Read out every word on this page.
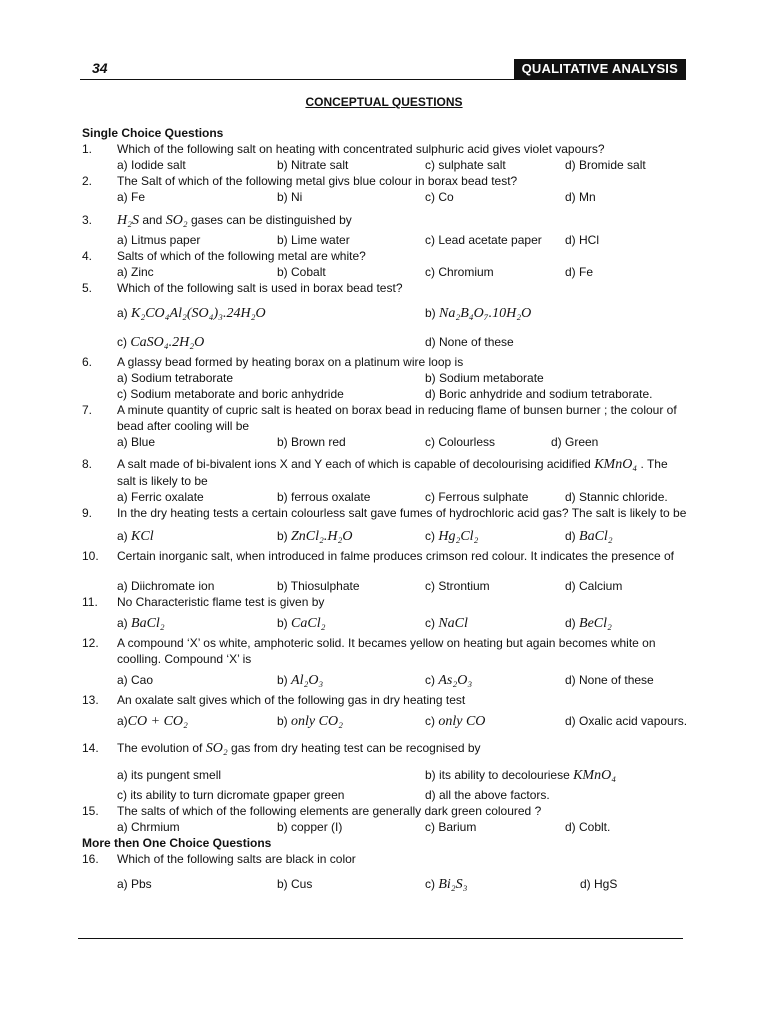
34	QUALITATIVE ANALYSIS
CONCEPTUAL QUESTIONS
Single Choice Questions
1.	Which of the following salt on heating with concentrated sulphuric acid gives violet vapours?
a) Iodide salt	b) Nitrate salt	c) sulphate salt	d) Bromide salt
2.	The Salt of which of the following metal givs blue colour in borax bead test?
a) Fe	b) Ni	c) Co	d) Mn
3.	H₂S and SO₂ gases can be distinguished by
a) Litmus paper	b) Lime water	c) Lead acetate paper	d) HCl
4.	Salts of which of the following metal are white?
a) Zinc	b) Cobalt	c) Chromium	d) Fe
5.	Which of the following salt is used in borax bead test?
a) K₂CO₄Al₂(SO₄)₃.24H₂O	b) Na₂B₄O₇.10H₂O
c) CaSO₄.2H₂O	d) None of these
6.	A glassy bead formed by heating borax on a platinum wire loop is
a) Sodium tetraborate	b) Sodium metaborate
c) Sodium metaborate and boric anhydride	d) Boric anhydride and sodium tetraborate.
7.	A minute quantity of cupric salt is heated on borax bead in reducing flame of bunsen burner ; the colour of bead after cooling will be
a) Blue	b) Brown red	c) Colourless	d) Green
8.	A salt made of bi-bivalent ions X and Y each of which is capable of decolourising acidified KMnO₄ . The salt is likely to be
a) Ferric oxalate	b) ferrous oxalate	c) Ferrous sulphate	d) Stannic chloride.
9.	In the dry heating tests a certain colourless salt gave fumes of hydrochloric acid gas? The salt is likely to be
a) KCl	b) ZnCl₂.H₂O	c) Hg₂Cl₂	d) BaCl₂
10.	Certain inorganic salt, when introduced in falme produces crimson red colour. It indicates the presence of
a) Diichromate ion	b) Thiosulphate	c) Strontium	d) Calcium
11.	No Characteristic flame test is given by
a) BaCl₂	b) CaCl₂	c) NaCl	d) BeCl₂
12.	A compound ‘X’ os white, amphoteric solid. It becames yellow on heating but again becomes white on coolling. Compound ‘X’ is
a) Cao	b) Al₂O₃	c) As₂O₃	d) None of these
13.	An oxalate salt gives which of the following gas in dry heating test
a)CO + CO₂	b) only CO₂	c) only CO	d) Oxalic acid vapours.
14.	The evolution of SO₂ gas from dry heating test can be recognised by
a) its pungent smell	b) its ability to decolouriese KMnO₄
c) its ability to turn dicromate gpaper green	d) all the above factors.
15.	The salts of which of the following elements are generally dark green coloured ?
a) Chrmium	b) copper (I)	c) Barium	d) Coblt.
More then One Choice Questions
16.	Which of the following salts are black in color
a) Pbs	b) Cus	c) Bi₂S₃	d) HgS
